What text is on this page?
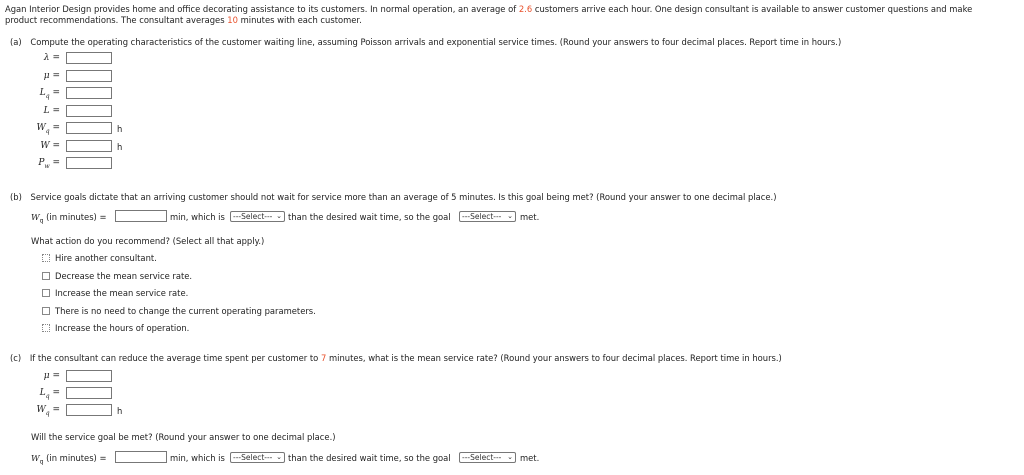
Agan Interior Design provides home and office decorating assistance to its customers. In normal operation, an average of 2.6 customers arrive each hour. One design consultant is available to answer customer questions and make
product recommendations. The consultant averages 10 minutes with each customer.
(a) Compute the operating characteristics of the customer waiting line, assuming Poisson arrivals and exponential service times. (Round your answers to four decimal places. Report time in hours.)
λ =
μ =
$L_q$ =
L =
$W_q$ =	h
W =	h
$P_w$ =
(b) Service goals dictate that an arriving customer should not wait for service more than an average of 5 minutes. Is this goal being met? (Round your answer to one decimal place.)
$W_q$ (in minutes) =	min, which is	---Select--- ⌄ than the desired wait time, so the goal	---Select--- ⌄ met.
What action do you recommend? (Select all that apply.)
Hire another consultant.
Decrease the mean service rate.
Increase the mean service rate.
There is no need to change the current operating parameters.
Increase the hours of operation.
(c) If the consultant can reduce the average time spent per customer to 7 minutes, what is the mean service rate? (Round your answers to four decimal places. Report time in hours.)
μ =
$L_q$ =
$W_q$ =	h
Will the service goal be met? (Round your answer to one decimal place.)
$W_q$ (in minutes) =	min, which is	---Select--- ⌄ than the desired wait time, so the goal	---Select--- ⌄ met.
